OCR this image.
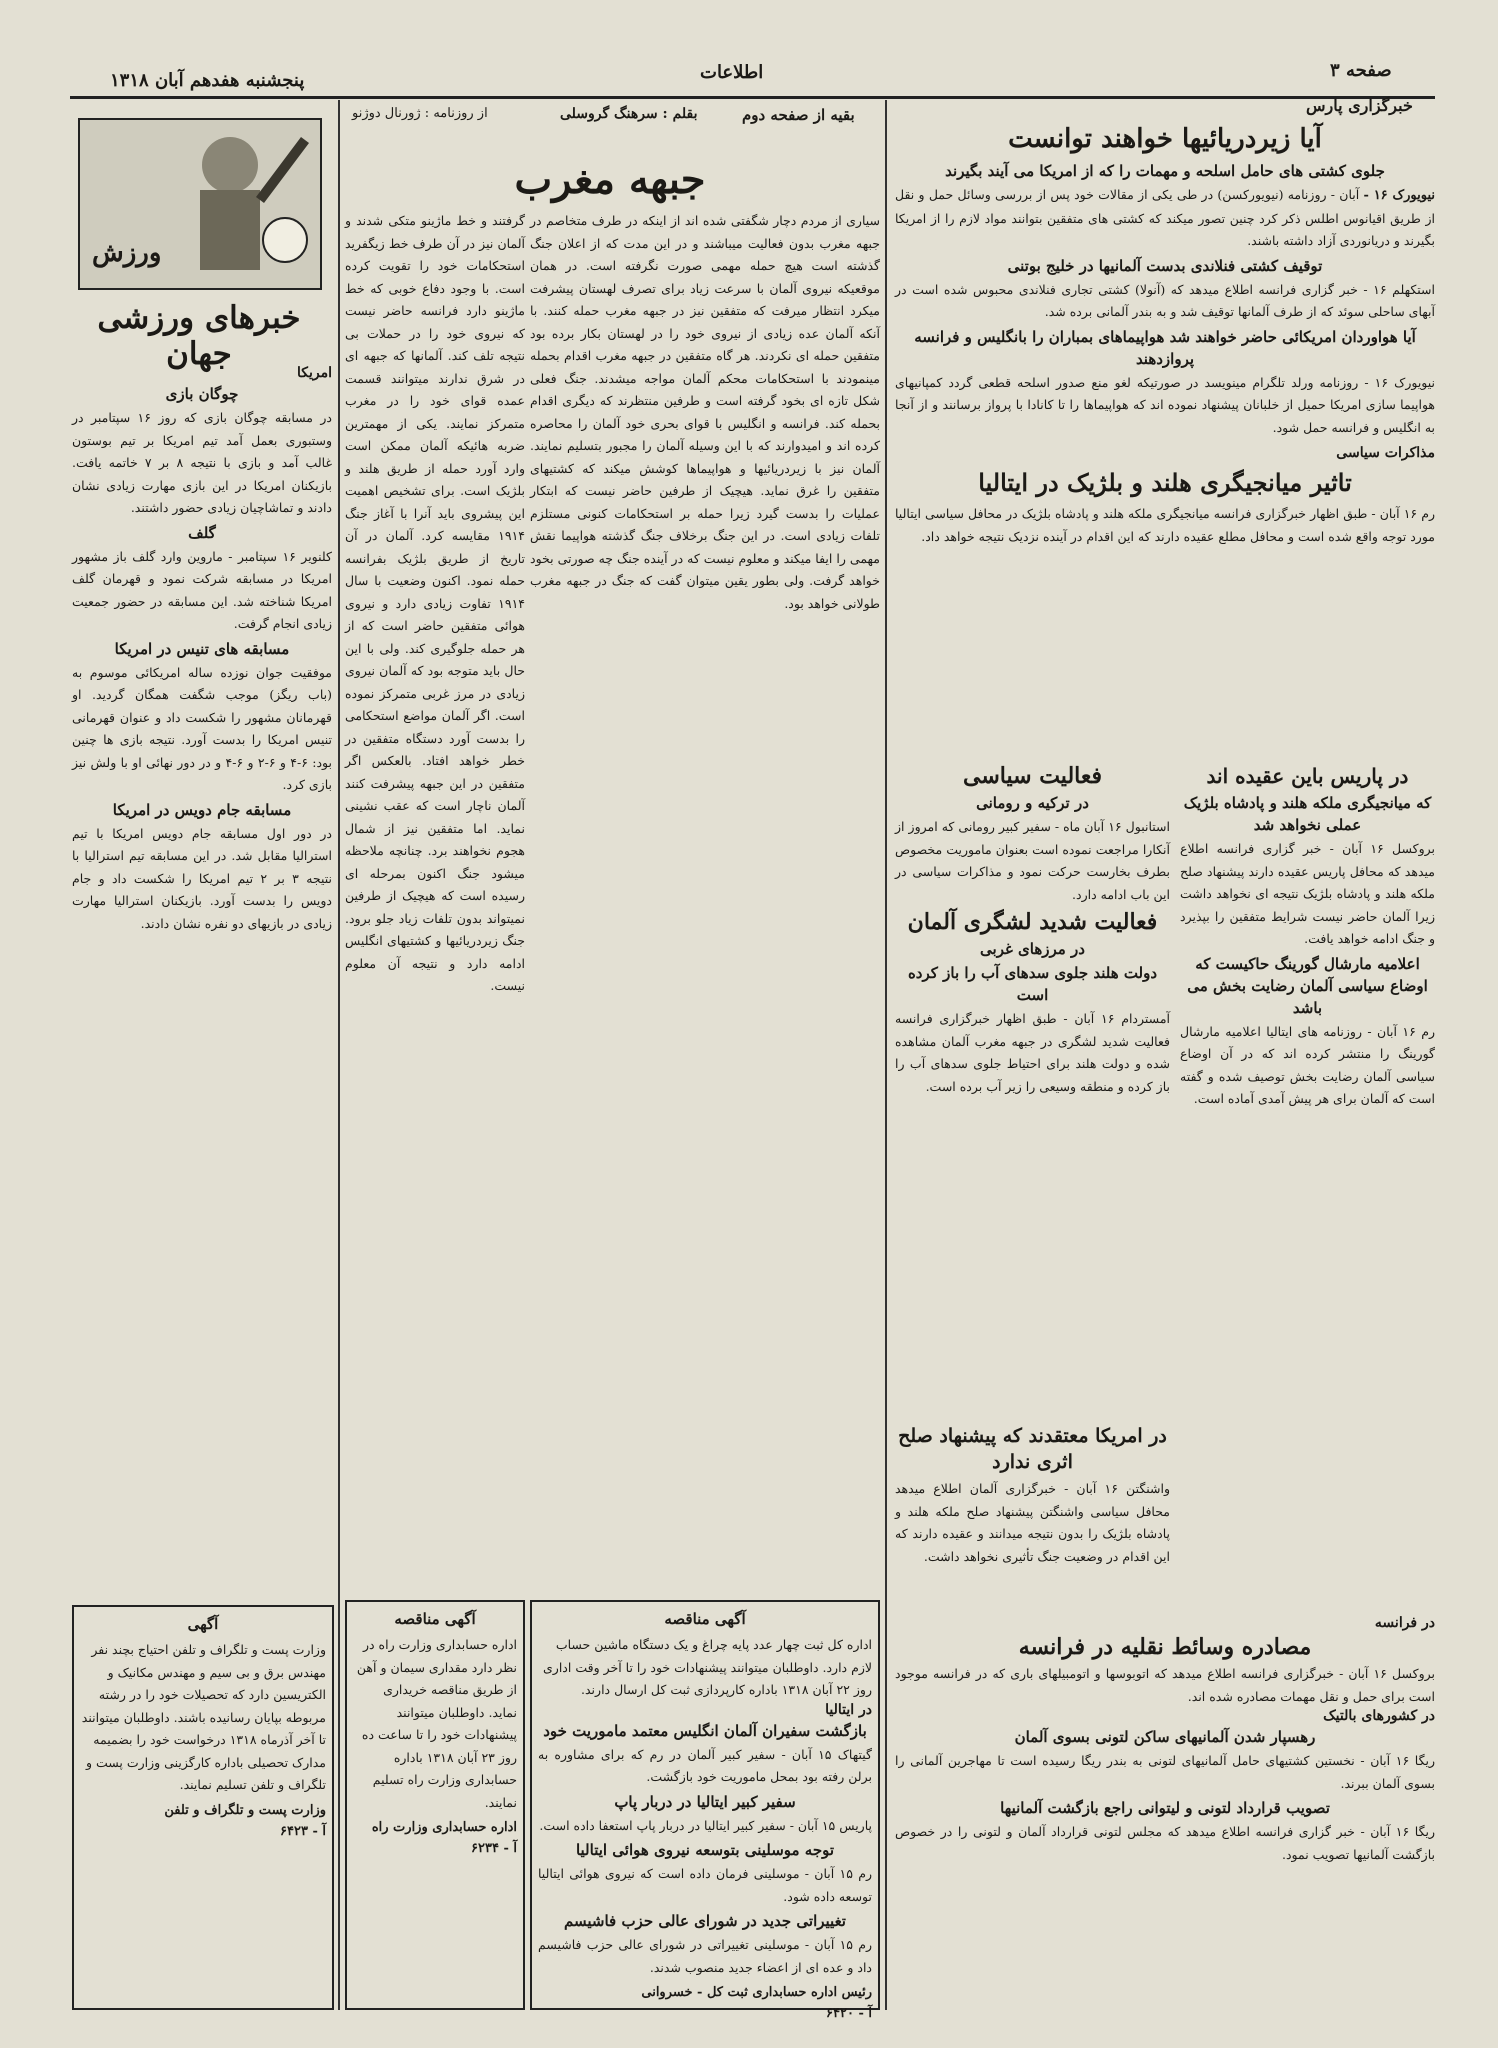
پنجشنبه هفدهم آبان ۱۳۱۸	اطلاعات	صفحه ۳
خبرگزاری پارس
آیا زیردریائیها خواهند توانست
جلوی کشتی های حامل اسلحه و مهمات را که از امریکا می آیند بگیرند

نیویورک ۱۶ - آبان - روزنامه (نیویورکسن) در طی یکی از مقالات خود پس از بررسی وسائل حمل و نقل از طریق اقیانوس اطلس ذکر کرد چنین تصور میکند که کشتی های متفقین بتوانند مواد لازم را از امریکا بگیرند و دریانوردی آزاد داشته باشند.

توقیف کشتی فنلاندی بدست آلمانیها در خلیج بوتنی

استکهلم ۱۶ - خبر گزاری فرانسه اطلاع میدهد که (آنولا) کشتی تجاری فنلاندی محبوس شده است در آبهای ساحلی سوئد که از طرف آلمانها توقیف شد و به بندر آلمانی برده شد.

آیا هواوردان امریکائی حاضر خواهند شد هواپیماهای بمباران را بانگلیس و فرانسه پروازدهند

نیویورک ۱۶ - روزنامه ورلد تلگرام مینویسد در صورتیکه لغو منع صدور اسلحه قطعی گردد کمپانیهای هواپیما سازی امریکا حمیل از خلبانان پیشنهاد نموده اند که هواپیماها را تا کانادا با پرواز برسانند و از آنجا به انگلیس و فرانسه حمل شود.

مذاکرات سیاسی
تاثیر میانجیگری هلند و بلژیک در ایتالیا

رم ۱۶ آبان - طبق اظهار خبرگزاری فرانسه میانجیگری ملکه هلند و پادشاه بلژیک در محافل سیاسی ایتالیا مورد توجه واقع شده است و محافل مطلع عقیده دارند که این اقدام در آینده نزدیک نتیجه خواهد داد.

فعالیت سیاسی
در ترکیه و رومانی

استانبول ۱۶ آبان ماه - سفیر کبیر رومانی که امروز از آنکارا مراجعت نموده است بعنوان ماموریت مخصوص بطرف بخارست حرکت نمود و مذاکرات سیاسی در این باب ادامه دارد.

فعالیت شدید لشگری آلمان
در مرزهای غربی
دولت هلند جلوی سدهای آب را باز کرده است

آمستردام ۱۶ آبان - طبق اظهار خبرگزاری فرانسه فعالیت شدید لشگری در جبهه مغرب آلمان مشاهده شده و دولت هلند برای احتیاط جلوی سدهای آب را باز کرده و منطقه وسیعی را زیر آب برده است.

در امریکا معتقدند که پیشنهاد صلح اثری ندارد

واشنگتن ۱۶ آبان - خبرگزاری آلمان اطلاع میدهد محافل سیاسی واشنگتن پیشنهاد صلح ملکه هلند و پادشاه بلژیک را بدون نتیجه میدانند و عقیده دارند که این اقدام در وضعیت جنگ تأثیری نخواهد داشت.

در فرانسه
مصادره وسائط نقلیه در فرانسه

بروکسل ۱۶ آبان - خبرگزاری فرانسه اطلاع میدهد که اتوبوسها و اتومبیلهای باری که در فرانسه موجود است برای حمل و نقل مهمات مصادره شده اند.

در کشورهای بالتیک
رهسپار شدن آلمانیهای ساکن لتونی بسوی آلمان

ریگا ۱۶ آبان - نخستین کشتیهای حامل آلمانیهای لتونی به بندر ریگا رسیده است تا مهاجرین آلمانی را بسوی آلمان ببرند.

تصویب قرارداد لتونی و لیتوانی راجع بازگشت آلمانیها

ریگا ۱۶ آبان - خبر گزاری فرانسه اطلاع میدهد که مجلس لتونی قرارداد آلمان و لتونی را در خصوص بازگشت آلمانیها تصویب نمود.

بقیه از صفحه دوم
بقلم : سرهنگ گروسلی
جبهه مغرب

سیاری از مردم دچار شگفتی شده اند از اینکه در طرف متخاصم در جبهه مغرب بدون فعالیت میباشند و در این مدت که از اعلان جنگ گذشته است هیچ حمله مهمی صورت نگرفته است. در همان موقعیکه نیروی آلمان با سرعت زیاد برای تصرف لهستان پیشرفت میکرد انتظار میرفت که متفقین نیز در جبهه مغرب حمله کنند. با آنکه آلمان عده زیادی از نیروی خود را در لهستان بکار برده بود متفقین حمله ای نکردند. هر گاه متفقین در جبهه مغرب اقدام بحمله مینمودند با استحکامات محکم آلمان مواجه میشدند. جنگ فعلی شکل تازه ای بخود گرفته است و طرفین منتظرند که دیگری اقدام بحمله کند. فرانسه و انگلیس با قوای بحری خود آلمان را محاصره کرده اند و امیدوارند که با این وسیله آلمان را مجبور بتسلیم نمایند. آلمان نیز با زیردریائیها و هواپیماها کوشش میکند که کشتیهای متفقین را غرق نماید. هیچیک از طرفین حاضر نیست که ابتکار عملیات را بدست گیرد زیرا حمله بر استحکامات کنونی مستلزم تلفات زیادی است. در این جنگ برخلاف جنگ گذشته هواپیما نقش مهمی را ایفا میکند و معلوم نیست که در آینده جنگ چه صورتی بخود خواهد گرفت. ولی بطور یقین میتوان گفت که جنگ در جبهه مغرب طولانی خواهد بود.

از روزنامه : ژورنال دوژنو

گرفتند و خط ماژینو متکی شدند و آلمان نیز در آن طرف خط زیگفرید استحکامات خود را تقویت کرده است. با وجود دفاع خوبی که خط ماژینو دارد فرانسه حاضر نیست که نیروی خود را در حملات بی نتیجه تلف کند. آلمانها که جبهه ای در شرق ندارند میتوانند قسمت عمده قوای خود را در مغرب متمرکز نمایند. یکی از مهمترین ضربه هائیکه آلمان ممکن است وارد آورد حمله از طریق هلند و بلژیک است. برای تشخیص اهمیت این پیشروی باید آنرا با آغاز جنگ ۱۹۱۴ مقایسه کرد. آلمان در آن تاریخ از طریق بلژیک بفرانسه حمله نمود. اکنون وضعیت با سال ۱۹۱۴ تفاوت زیادی دارد و نیروی هوائی متفقین حاضر است که از هر حمله جلوگیری کند. ولی با این حال باید متوجه بود که آلمان نیروی زیادی در مرز غربی متمرکز نموده است. اگر آلمان مواضع استحکامی را بدست آورد دستگاه متفقین در خطر خواهد افتاد. بالعکس اگر متفقین در این جبهه پیشرفت کنند آلمان ناچار است که عقب نشینی نماید. اما متفقین نیز از شمال هجوم نخواهند برد. چنانچه ملاحظه میشود جنگ اکنون بمرحله ای رسیده است که هیچیک از طرفین نمیتواند بدون تلفات زیاد جلو برود. جنگ زیردریائیها و کشتیهای انگلیس ادامه دارد و نتیجه آن معلوم نیست.

ورزش
خبرهای ورزشی جهان
امریکا
چوگان بازی

در مسابقه چوگان بازی که روز ۱۶ سپتامبر در وستبوری بعمل آمد تیم امریکا بر تیم بوستون غالب آمد و بازی با نتیجه ۸ بر ۷ خاتمه یافت. بازیکنان امریکا در این بازی مهارت زیادی نشان دادند و تماشاچیان زیادی حضور داشتند.

گلف

کلنویر ۱۶ سپتامبر - ماروین وارد گلف باز مشهور امریکا در مسابقه شرکت نمود و قهرمان گلف امریکا شناخته شد. این مسابقه در حضور جمعیت زیادی انجام گرفت.

مسابقه های تنیس در امریکا

موفقیت جوان نوزده ساله امریکائی موسوم به (باب ریگز) موجب شگفت همگان گردید. او قهرمانان مشهور را شکست داد و عنوان قهرمانی تنیس امریکا را بدست آورد. نتیجه بازی ها چنین بود: ۶-۴ و ۶-۲ و ۶-۴ و در دور نهائی او با ولش نیز بازی کرد.

مسابقه جام دویس در امریکا

در دور اول مسابقه جام دویس امریکا با تیم استرالیا مقابل شد. در این مسابقه تیم استرالیا با نتیجه ۳ بر ۲ تیم امریکا را شکست داد و جام دویس را بدست آورد. بازیکنان استرالیا مهارت زیادی در بازیهای دو نفره نشان دادند.

در پاریس باین عقیده اند
که میانجیگری ملکه هلند و پادشاه بلژیک عملی نخواهد شد

بروکسل ۱۶ آبان - خبر گزاری فرانسه اطلاع میدهد که محافل پاریس عقیده دارند پیشنهاد صلح ملکه هلند و پادشاه بلژیک نتیجه ای نخواهد داشت زیرا آلمان حاضر نیست شرایط متفقین را بپذیرد و جنگ ادامه خواهد یافت.

اعلامیه مارشال گورینگ حاکیست که اوضاع سیاسی آلمان رضایت بخش می باشد

رم ۱۶ آبان - روزنامه های ایتالیا اعلامیه مارشال گورینگ را منتشر کرده اند که در آن اوضاع سیاسی آلمان رضایت بخش توصیف شده و گفته است که آلمان برای هر پیش آمدی آماده است.

آگهی مناقصه

اداره حسابداری وزارت راه در نظر دارد مقداری سیمان و آهن از طریق مناقصه خریداری نماید. داوطلبان میتوانند پیشنهادات خود را تا ساعت ده روز ۲۳ آبان ۱۳۱۸ باداره حسابداری وزارت راه تسلیم نمایند.

اداره حسابداری وزارت راه
آ - ۶۲۳۴
آگهی مناقصه

اداره کل ثبت چهار عدد پایه چراغ و یک دستگاه ماشین حساب لازم دارد. داوطلبان میتوانند پیشنهادات خود را تا آخر وقت اداری روز ۲۲ آبان ۱۳۱۸ باداره کارپردازی ثبت کل ارسال دارند.

در ایتالیا
بازگشت سفیران آلمان انگلیس معتمد ماموریت خود

گیتهاک ۱۵ آبان - سفیر کبیر آلمان در رم که برای مشاوره به برلن رفته بود بمحل ماموریت خود بازگشت.

سفیر کبیر ایتالیا در دربار پاپ

پاریس ۱۵ آبان - سفیر کبیر ایتالیا در دربار پاپ استعفا داده است.

توجه موسلینی بتوسعه نیروی هوائی ایتالیا

رم ۱۵ آبان - موسلینی فرمان داده است که نیروی هوائی ایتالیا توسعه داده شود.

تغییراتی جدید در شورای عالی حزب فاشیسم

رم ۱۵ آبان - موسلینی تغییراتی در شورای عالی حزب فاشیسم داد و عده ای از اعضاء جدید منصوب شدند.

رئیس اداره حسابداری ثبت کل - خسروانی
آ - ۶۴۲۰
آگهی

وزارت پست و تلگراف و تلفن احتیاج بچند نفر مهندس برق و بی سیم و مهندس مکانیک و الکتریسین دارد که تحصیلات خود را در رشته مربوطه بپایان رسانیده باشند. داوطلبان میتوانند تا آخر آذرماه ۱۳۱۸ درخواست خود را بضمیمه مدارک تحصیلی باداره کارگزینی وزارت پست و تلگراف و تلفن تسلیم نمایند.

وزارت پست و تلگراف و تلفن
آ - ۶۴۲۳
